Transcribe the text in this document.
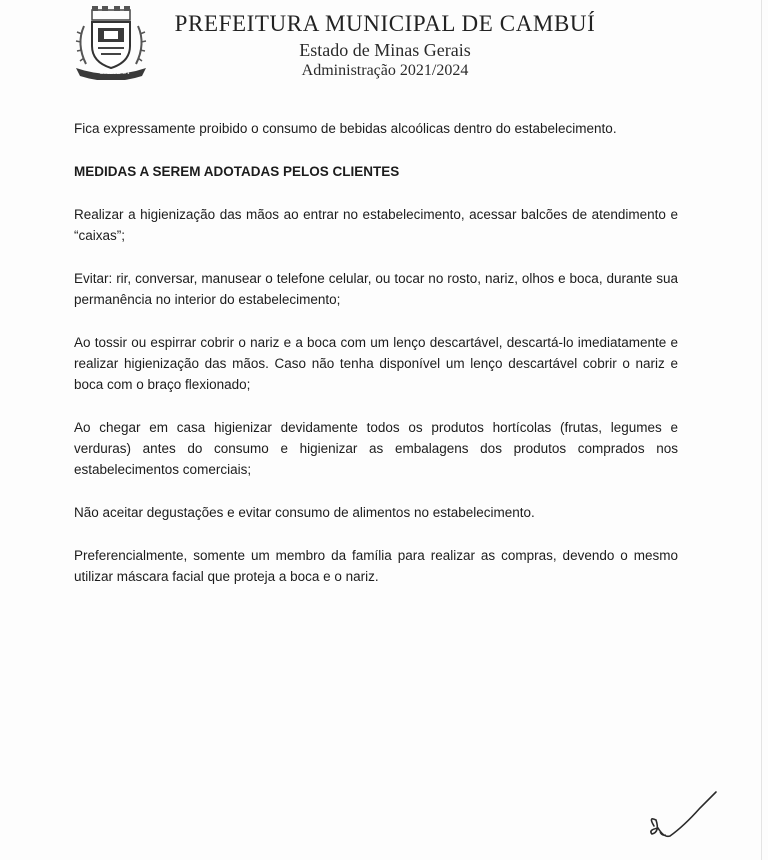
CAMBUÍ
PREFEITURA MUNICIPAL DE CAMBUÍ
Estado de Minas Gerais
Administração 2021/2024

Fica expressamente proibido o consumo de bebidas alcoólicas dentro do estabelecimento.

MEDIDAS A SEREM ADOTADAS PELOS CLIENTES

Realizar a higienização das mãos ao entrar no estabelecimento, acessar balcões de atendimento e “caixas”;

Evitar: rir, conversar, manusear o telefone celular, ou tocar no rosto, nariz, olhos e boca, durante sua permanência no interior do estabelecimento;

Ao tossir ou espirrar cobrir o nariz e a boca com um lenço descartável, descartá-lo imediatamente e realizar higienização das mãos. Caso não tenha disponível um lenço descartável cobrir o nariz e boca com o braço flexionado;

Ao chegar em casa higienizar devidamente todos os produtos hortícolas (frutas, legumes e verduras) antes do consumo e higienizar as embalagens dos produtos comprados nos estabelecimentos comerciais;

Não aceitar degustações e evitar consumo de alimentos no estabelecimento.

Preferencialmente, somente um membro da família para realizar as compras, devendo o mesmo utilizar máscara facial que proteja a boca e o nariz.
